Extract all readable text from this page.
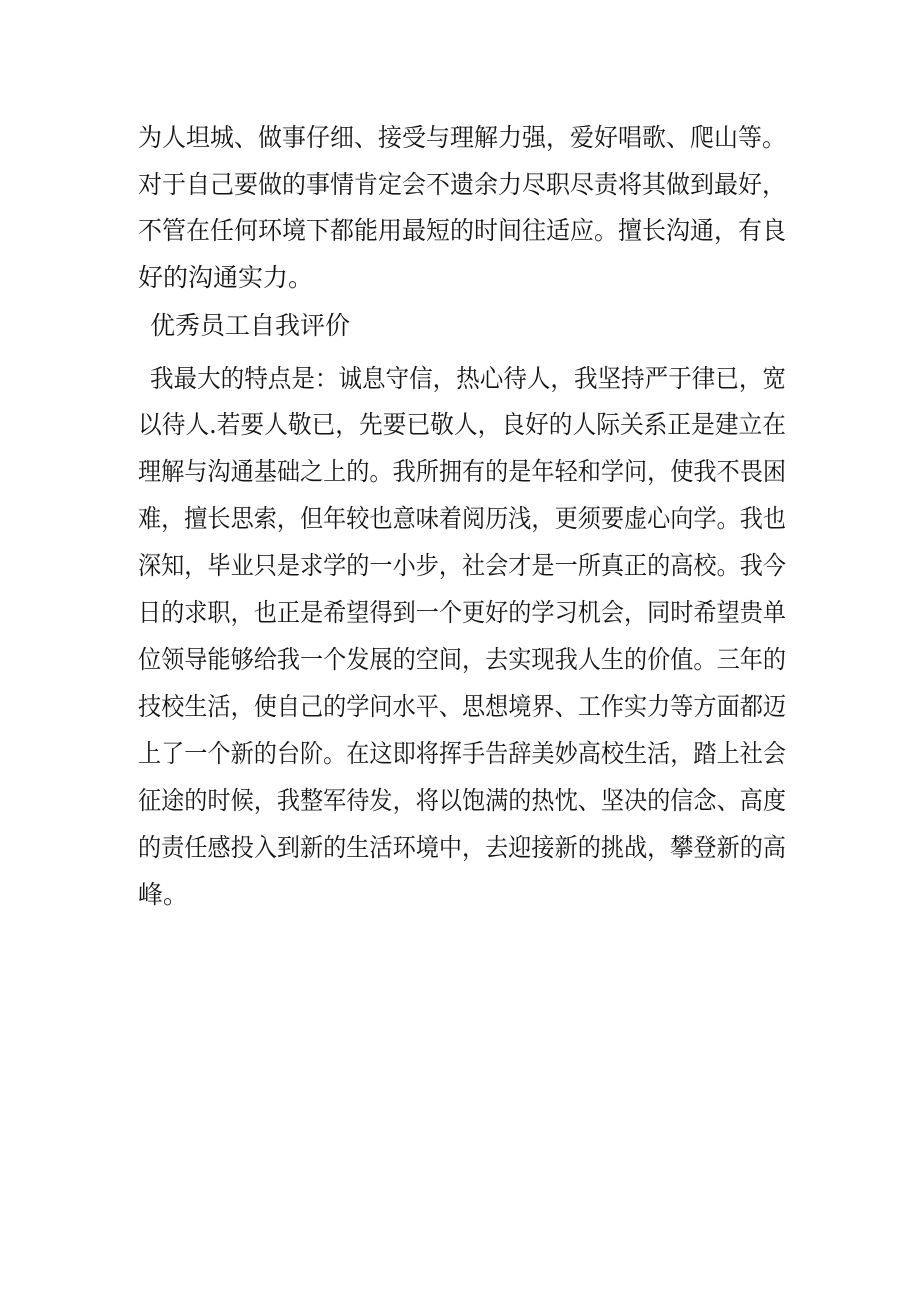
为人坦城、做事仔细、接受与理解力强，爱好唱歌、爬山等。

对于自己要做的事情肯定会不遗余力尽职尽责将其做到最好，

不管在任何环境下都能用最短的时间往适应。擅长沟通，有良

好的沟通实力。

优秀员工自我评价

我最大的特点是：诚息守信，热心待人，我坚持严于律已，宽

以待人.若要人敬已，先要已敬人，良好的人际关系正是建立在

理解与沟通基础之上的。我所拥有的是年轻和学问，使我不畏困

难，擅长思索，但年较也意味着阅历浅，更须要虚心向学。我也

深知，毕业只是求学的一小步，社会才是一所真正的高校。我今

日的求职，也正是希望得到一个更好的学习机会，同时希望贵单

位领导能够给我一个发展的空间，去实现我人生的价值。三年的

技校生活，使自己的学问水平、思想境界、工作实力等方面都迈

上了一个新的台阶。在这即将挥手告辞美妙高校生活，踏上社会

征途的时候，我整军待发，将以饱满的热忱、坚决的信念、高度

的责任感投入到新的生活环境中，去迎接新的挑战，攀登新的高

峰。
